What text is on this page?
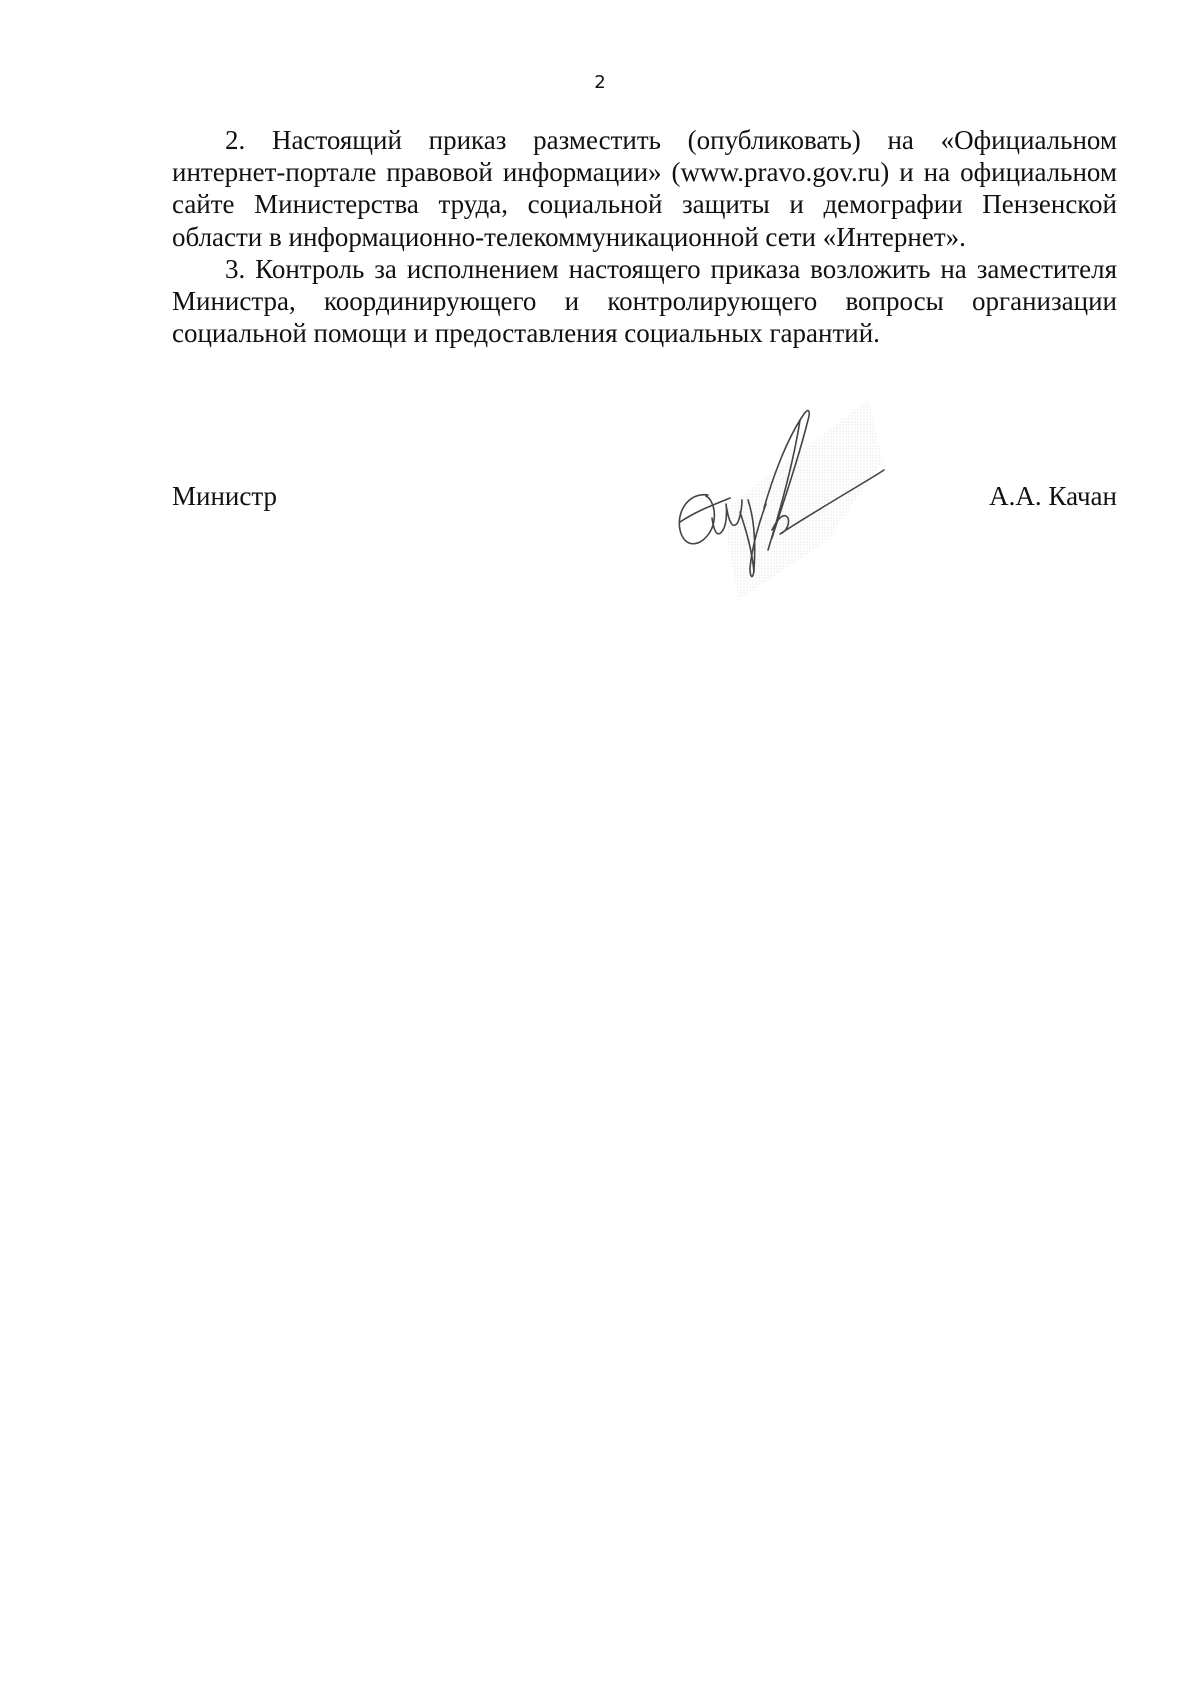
2

2. Настоящий приказ разместить (опубликовать) на «Официальном интернет-портале правовой информации» (www.pravo.gov.ru) и на официальном сайте Министерства труда, социальной защиты и демографии Пензенской области в информационно-телекоммуникационной сети «Интернет».

3. Контроль за исполнением настоящего приказа возложить на заместителя Министра, координирующего и контролирующего вопросы организации социальной помощи и предоставления социальных гарантий.

Министр	А.А. Качан
